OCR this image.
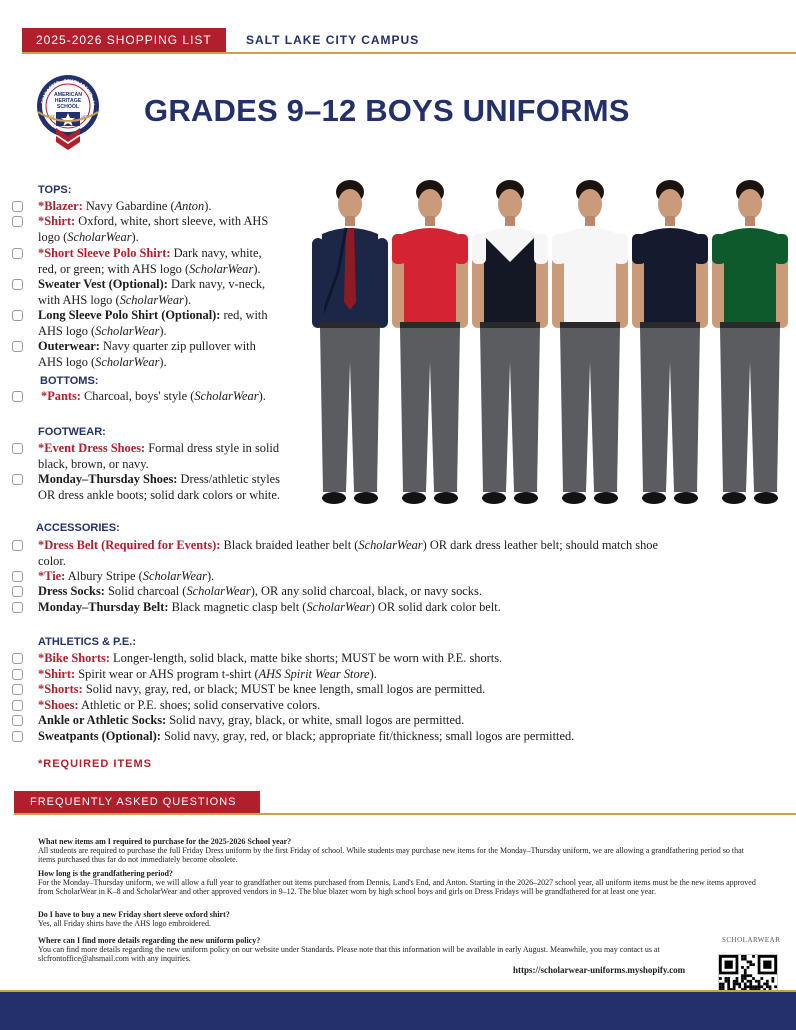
2025-2026 SHOPPING LIST	SALT LAKE CITY CAMPUS
CHARACTER · SCHOLARSHIP · LI
AMERICAN
HERITAGE
SCHOOL
EST.	1970 GRADES 9–12 BOYS UNIFORMS
TOPS:
*Blazer: Navy Gabardine (Anton).
*Shirt: Oxford, white, short sleeve, with AHS
logo (ScholarWear).
*Short Sleeve Polo Shirt: Dark navy, white,
red, or green; with AHS logo (ScholarWear).
Sweater Vest (Optional): Dark navy, v-neck,
with AHS logo (ScholarWear).
Long Sleeve Polo Shirt (Optional): red, with
AHS logo (ScholarWear).
Outerwear: Navy quarter zip pullover with
AHS logo (ScholarWear).
BOTTOMS:
*Pants: Charcoal, boys' style (ScholarWear).
FOOTWEAR:
*Event Dress Shoes: Formal dress style in solid
black, brown, or navy.
Monday–Thursday Shoes: Dress/athletic styles
OR dress ankle boots; solid dark colors or white.
ACCESSORIES:
*Dress Belt (Required for Events): Black braided leather belt (ScholarWear) OR dark dress leather belt; should match shoe
color.
*Tie: Albury Stripe (ScholarWear).
Dress Socks: Solid charcoal (ScholarWear), OR any solid charcoal, black, or navy socks.
Monday–Thursday Belt: Black magnetic clasp belt (ScholarWear) OR solid dark color belt.
ATHLETICS & P.E.:
*Bike Shorts: Longer-length, solid black, matte bike shorts; MUST be worn with P.E. shorts.
*Shirt: Spirit wear or AHS program t-shirt (AHS Spirit Wear Store).
*Shorts: Solid navy, gray, red, or black; MUST be knee length, small logos are permitted.
*Shoes: Athletic or P.E. shoes; solid conservative colors.
Ankle or Athletic Socks: Solid navy, gray, black, or white, small logos are permitted.
Sweatpants (Optional): Solid navy, gray, red, or black; appropriate fit/thickness; small logos are permitted.
*REQUIRED ITEMS
FREQUENTLY ASKED QUESTIONS
What new items am I required to purchase for the 2025-2026 School year?
All students are required to purchase the full Friday Dress uniform by the first Friday of school. While students may purchase new items for the Monday–Thursday uniform, we are allowing a grandfathering period so that items purchased thus far do not immediately become obsolete.
How long is the grandfathering period?
For the Monday–Thursday uniform, we will allow a full year to grandfather out items purchased from Dennis, Land's End, and Anton. Starting in the 2026–2027 school year, all uniform items must be the new items approved from ScholarWear in K–8 and ScholarWear and other approved vendors in 9–12. The blue blazer worn by high school boys and girls on Dress Fridays will be grandfathered for at least one year.
Do I have to buy a new Friday short sleeve oxford shirt?
Yes, all Friday shirts have the AHS logo embroidered.
Where can I find more details regarding the new uniform policy?
You can find more details regarding the new uniform policy on our website under Standards. Please note that this information will be available in early August. Meanwhile, you may contact us at slcfrontoffice@ahsmail.com with any inquiries.
SCHOLARWEAR
https://scholarwear-uniforms.myshopify.com
